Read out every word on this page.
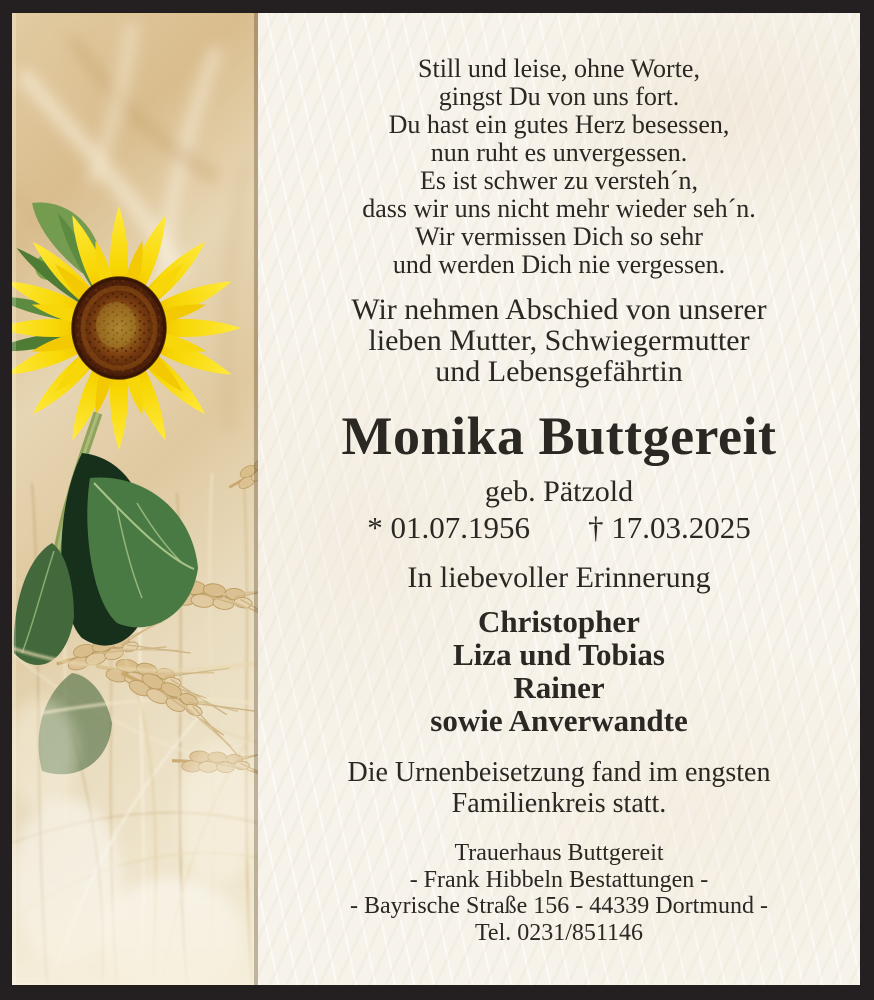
Still und leise, ohne Worte,
gingst Du von uns fort.
Du hast ein gutes Herz besessen,
nun ruht es unvergessen.
Es ist schwer zu versteh´n,
dass wir uns nicht mehr wieder seh´n.
Wir vermissen Dich so sehr
und werden Dich nie vergessen.
Wir nehmen Abschied von unserer
lieben Mutter, Schwiegermutter
und Lebensgefährtin
Monika Buttgereit
geb. Pätzold
* 01.07.1956 † 17.03.2025
In liebevoller Erinnerung
Christopher
Liza und Tobias
Rainer
sowie Anverwandte
Die Urnenbeisetzung fand im engsten
Familienkreis statt.
Trauerhaus Buttgereit
- Frank Hibbeln Bestattungen -
- Bayrische Straße 156 - 44339 Dortmund -
Tel. 0231/851146
